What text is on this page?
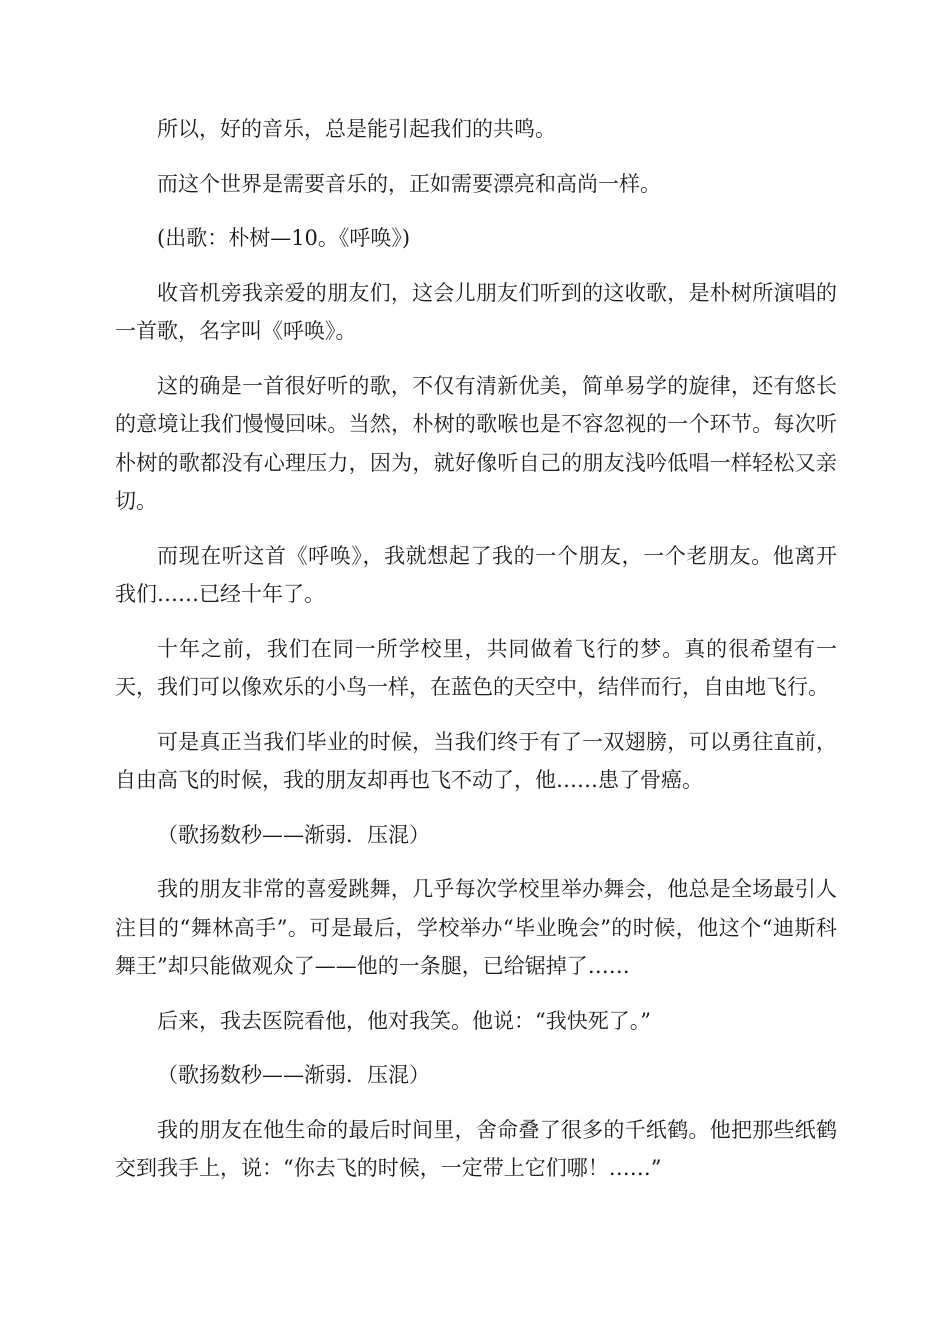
所以，好的音乐，总是能引起我们的共鸣。

而这个世界是需要音乐的，正如需要漂亮和高尚一样。

(出歌：朴树—10。《呼唤》)

收音机旁我亲爱的朋友们，这会儿朋友们听到的这收歌，是朴树所演唱的一首歌，名字叫《呼唤》。

这的确是一首很好听的歌，不仅有清新优美，简单易学的旋律，还有悠长的意境让我们慢慢回味。当然，朴树的歌喉也是不容忽视的一个环节。每次听朴树的歌都没有心理压力，因为，就好像听自己的朋友浅吟低唱一样轻松又亲切。

而现在听这首《呼唤》，我就想起了我的一个朋友，一个老朋友。他离开我们……已经十年了。

十年之前，我们在同一所学校里，共同做着飞行的梦。真的很希望有一天，我们可以像欢乐的小鸟一样，在蓝色的天空中，结伴而行，自由地飞行。

可是真正当我们毕业的时候，当我们终于有了一双翅膀，可以勇往直前，自由高飞的时候，我的朋友却再也飞不动了，他……患了骨癌。

（歌扬数秒——渐弱．压混）

我的朋友非常的喜爱跳舞，几乎每次学校里举办舞会，他总是全场最引人注目的“舞林高手”。可是最后，学校举办“毕业晚会”的时候，他这个“迪斯科舞王”却只能做观众了——他的一条腿，已给锯掉了……

后来，我去医院看他，他对我笑。他说：“我快死了。”

（歌扬数秒——渐弱．压混）

我的朋友在他生命的最后时间里，舍命叠了很多的千纸鹤。他把那些纸鹤交到我手上，说：“你去飞的时候，一定带上它们哪！……”
